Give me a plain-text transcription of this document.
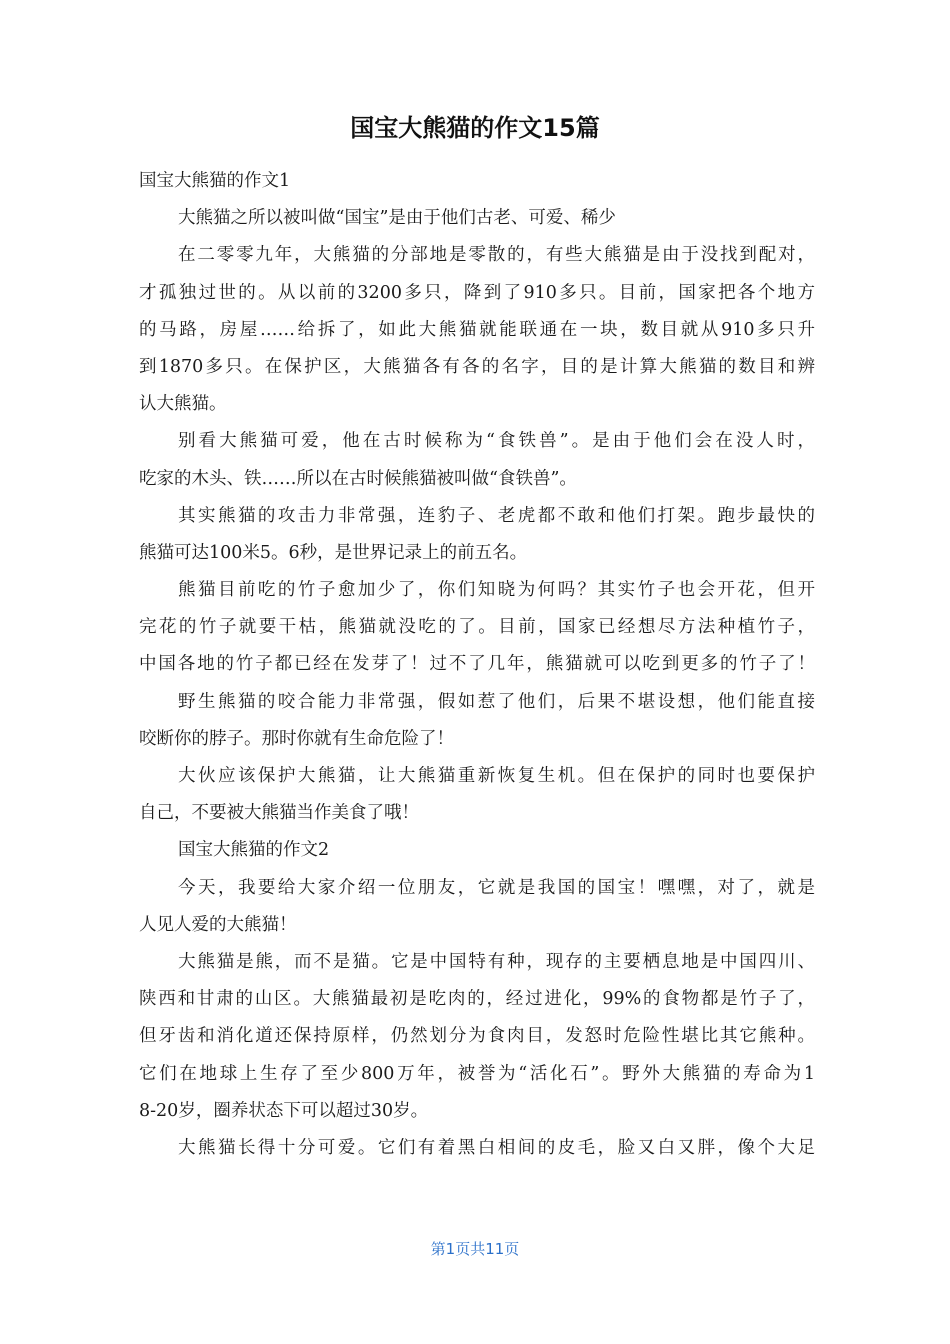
国宝大熊猫的作文15篇
国宝大熊猫的作文1
大熊猫之所以被叫做“国宝”是由于他们古老、可爱、稀少
在二零零九年，大熊猫的分部地是零散的，有些大熊猫是由于没找到配对，
才孤独过世的。从以前的3200多只，降到了910多只。目前，国家把各个地方
的马路，房屋……给拆了，如此大熊猫就能联通在一块，数目就从910多只升
到1870多只。在保护区，大熊猫各有各的名字，目的是计算大熊猫的数目和辨
认大熊猫。
别看大熊猫可爱，他在古时候称为“食铁兽”。是由于他们会在没人时，
吃家的木头、铁……所以在古时候熊猫被叫做“食铁兽”。
其实熊猫的攻击力非常强，连豹子、老虎都不敢和他们打架。跑步最快的
熊猫可达100米5。6秒，是世界记录上的前五名。
熊猫目前吃的竹子愈加少了，你们知晓为何吗？其实竹子也会开花，但开
完花的竹子就要干枯，熊猫就没吃的了。目前，国家已经想尽方法种植竹子，
中国各地的竹子都已经在发芽了！过不了几年，熊猫就可以吃到更多的竹子了！
野生熊猫的咬合能力非常强，假如惹了他们，后果不堪设想，他们能直接
咬断你的脖子。那时你就有生命危险了！
大伙应该保护大熊猫，让大熊猫重新恢复生机。但在保护的同时也要保护
自己，不要被大熊猫当作美食了哦！
国宝大熊猫的作文2
今天，我要给大家介绍一位朋友，它就是我国的国宝！嘿嘿，对了，就是
人见人爱的大熊猫！
大熊猫是熊，而不是猫。它是中国特有种，现存的主要栖息地是中国四川、
陕西和甘肃的山区。大熊猫最初是吃肉的，经过进化，99%的食物都是竹子了，
但牙齿和消化道还保持原样，仍然划分为食肉目，发怒时危险性堪比其它熊种。
它们在地球上生存了至少800万年，被誉为“活化石”。野外大熊猫的寿命为1
8-20岁，圈养状态下可以超过30岁。
大熊猫长得十分可爱。它们有着黑白相间的皮毛，脸又白又胖，像个大足
第1页共11页
